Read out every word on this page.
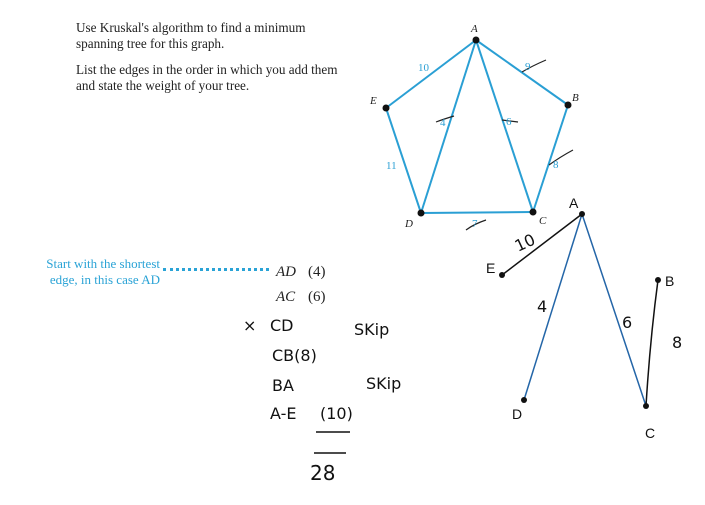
Use Kruskal's algorithm to find a minimum spanning tree for this graph.
List the edges in the order in which you add them and state the weight of your tree.
Start with the shortest edge, in this case AD
A
B
C
D
E
10	9
4	6
8
11
7
AD (4)
AC (6)
× CD	SKip
CB(8)
BA	SKip
A-E (10)
28
A
B
C
D
E
10
4
6
8
